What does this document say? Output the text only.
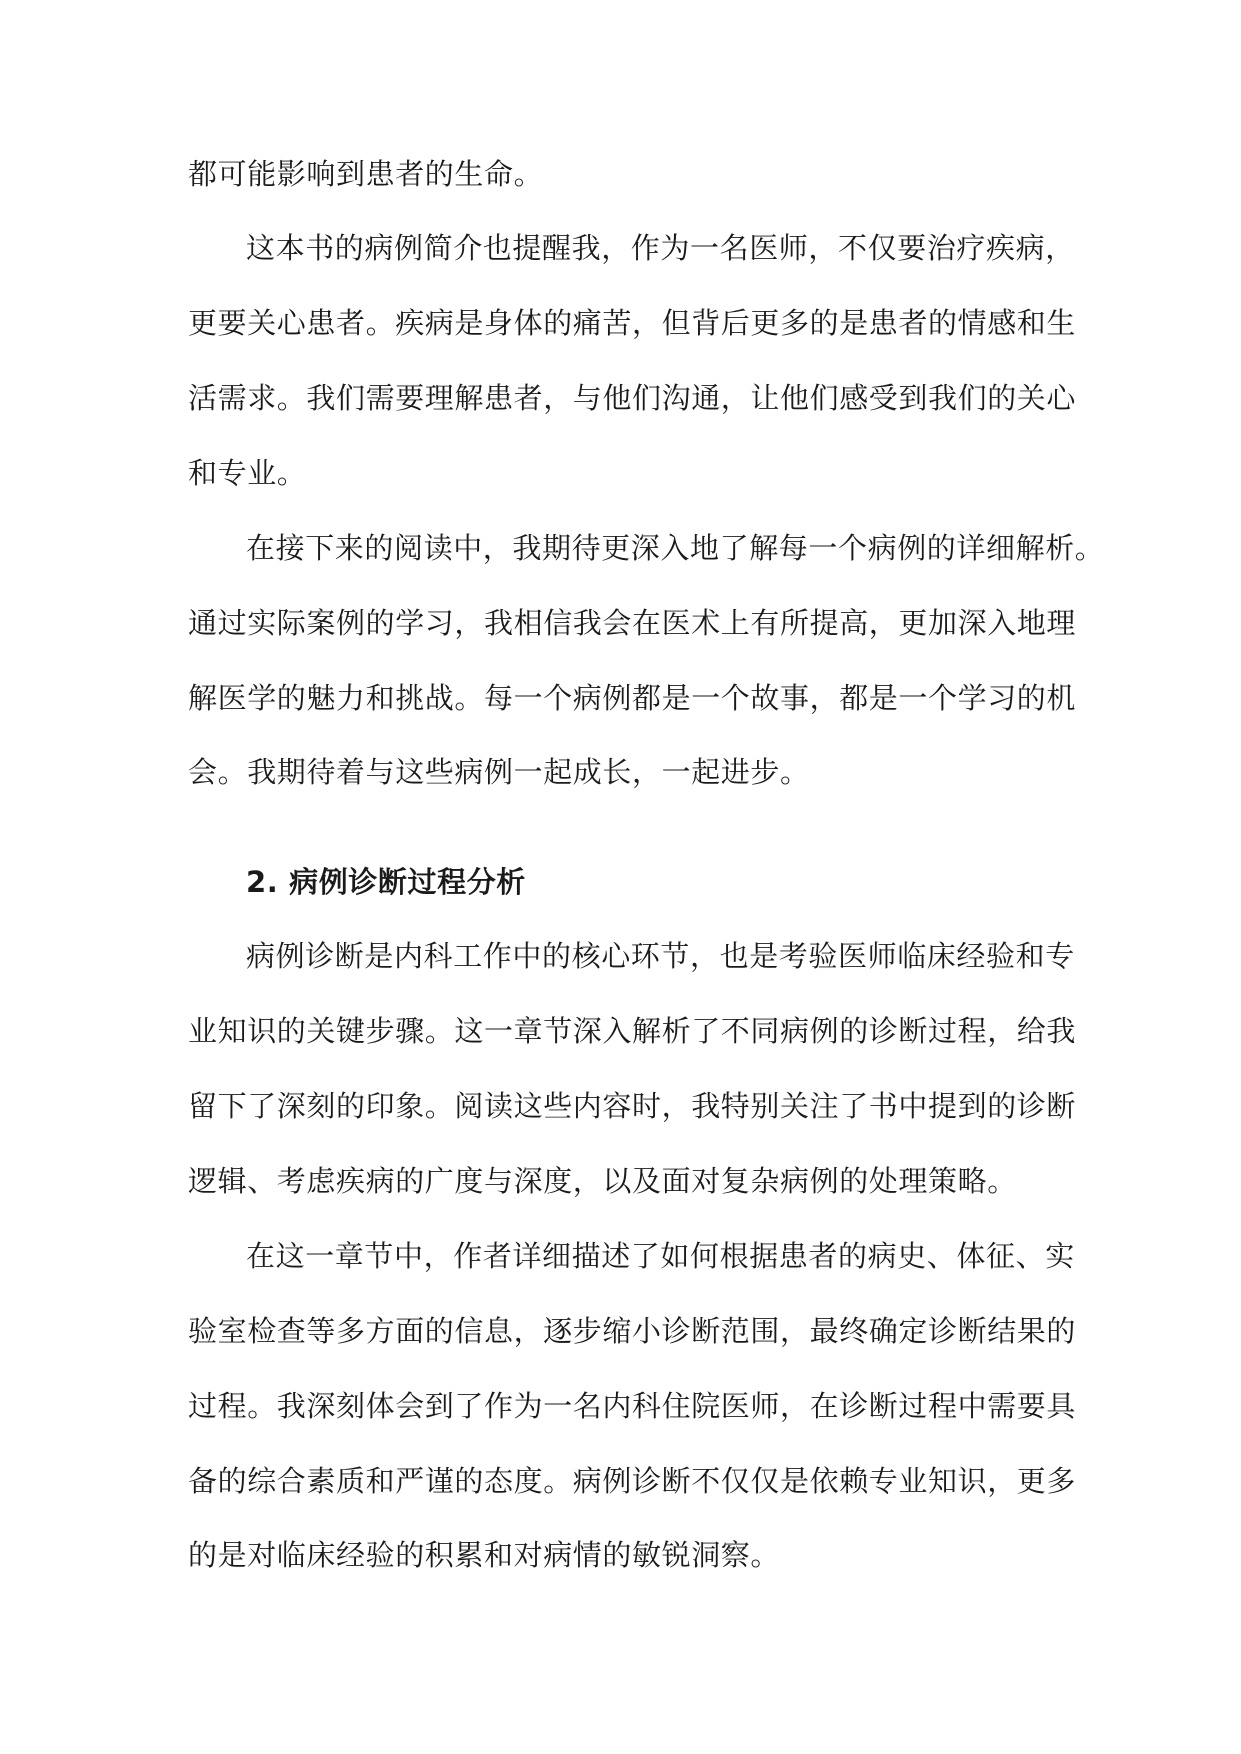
都可能影响到患者的生命。
这本书的病例简介也提醒我，作为一名医师，不仅要治疗疾病，
更要关心患者。疾病是身体的痛苦，但背后更多的是患者的情感和生
活需求。我们需要理解患者，与他们沟通，让他们感受到我们的关心
和专业。
在接下来的阅读中，我期待更深入地了解每一个病例的详细解析。
通过实际案例的学习，我相信我会在医术上有所提高，更加深入地理
解医学的魅力和挑战。每一个病例都是一个故事，都是一个学习的机
会。我期待着与这些病例一起成长，一起进步。
2. 病例诊断过程分析
病例诊断是内科工作中的核心环节，也是考验医师临床经验和专
业知识的关键步骤。这一章节深入解析了不同病例的诊断过程，给我
留下了深刻的印象。阅读这些内容时，我特别关注了书中提到的诊断
逻辑、考虑疾病的广度与深度，以及面对复杂病例的处理策略。
在这一章节中，作者详细描述了如何根据患者的病史、体征、实
验室检查等多方面的信息，逐步缩小诊断范围，最终确定诊断结果的
过程。我深刻体会到了作为一名内科住院医师，在诊断过程中需要具
备的综合素质和严谨的态度。病例诊断不仅仅是依赖专业知识，更多
的是对临床经验的积累和对病情的敏锐洞察。
